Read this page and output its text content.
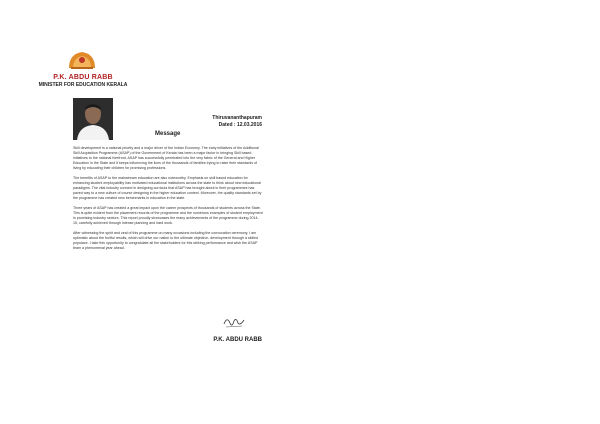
P.K. ABDU RABB
MINISTER FOR EDUCATION KERALA
Thiruvananthapuram
Dated : 12.03.2016
Message

Skill development is a national priority and a major driver of the Indian Economy. The early initiatives of the Additional Skill Acquisition Programme (ASAP) of the Government of Kerala has been a major factor in bringing Skill based initiatives to the national forefront. ASAP has successfully penetrated into the very fabric of the General and Higher Education in the State and it keeps influencing the lives of the thousands of families trying to raise their standards of living by educating their children for promising professions.

The benefits of ASAP to the mainstream education are also noteworthy. Emphasis on skill based education for enhancing student employability has motivated educational institutions across the state to think about new educational paradigms. The vital industry connect in designing curricula that ASAP has brought about in their programmes has paved way to a new culture of course designing in the higher education context. Moreover, the quality standards set by the programme has created new benchmarks in education in the state.

Three years of ASAP has created a great impact upon the career prospects of thousands of students across the State. This is quite evident from the placement records of the programme and the numerous examples of student employment in promising industry sectors. This report proudly showcases the many achievements of the programme during 2014-15, carefully achieved through intense planning and hard work.

After witnessing the spirit and zeal of this programme on many occasions including the convocation ceremony, I am optimistic about the fruitful results, which will drive our nation to the ultimate objective- development through a skilled populace. I take this opportunity to congratulate all the stakeholders for this striking performance and wish the ASAP team a phenomenal year ahead.

P.K. ABDU RABB
